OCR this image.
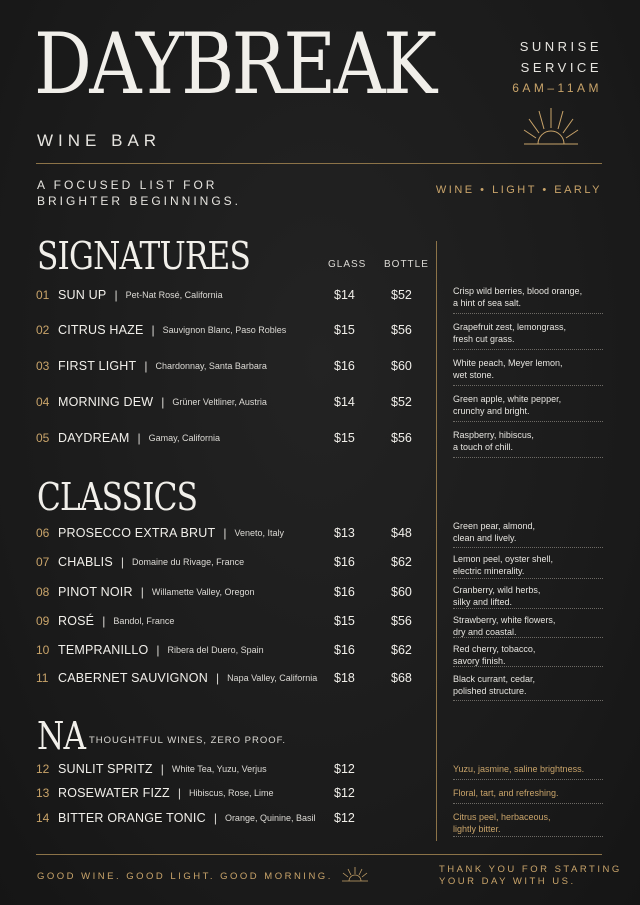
DAYBREAK
WINE BAR
SUNRISE
SERVICE
6AM–11AM
A FOCUSED LIST FOR
BRIGHTER BEGINNINGS.
WINE • LIGHT • EARLY
SIGNATURES	GLASS BOTTLE
01 SUN UP | Pet-Nat Rosé, California	$14	$52	Crisp wild berries, blood orange,
a hint of sea salt.
02 CITRUS HAZE | Sauvignon Blanc, Paso Robles	$15	$56	Grapefruit zest, lemongrass,
fresh cut grass.
03 FIRST LIGHT | Chardonnay, Santa Barbara	$16	$60	White peach, Meyer lemon,
wet stone.
04 MORNING DEW | Grüner Veltliner, Austria	$14	$52	Green apple, white pepper,
crunchy and bright.
05 DAYDREAM | Gamay, California	$15	$56	Raspberry, hibiscus,
a touch of chill.
06 PROSECCO EXTRA BRUT | Veneto, Italy	$13	$48	Green pear, almond,
clean and lively.
07 CHABLIS | Domaine du Rivage, France	$16	$62	Lemon peel, oyster shell,
electric minerality.
08 PINOT NOIR | Willamette Valley, Oregon	$16	$60	Cranberry, wild herbs,
silky and lifted.
09 ROSÉ | Bandol, France	$15	$56	Strawberry, white flowers,
dry and coastal.
10 TEMPRANILLO | Ribera del Duero, Spain	$16	$62	Red cherry, tobacco,
savory finish.
11 CABERNET SAUVIGNON | Napa Valley, California $18	$68	Black currant, cedar,
polished structure.
CLASSICS
NA THOUGHTFUL WINES, ZERO PROOF.
12 SUNLIT SPRITZ | White Tea, Yuzu, Verjus	$12	Yuzu, jasmine, saline brightness.
13 ROSEWATER FIZZ | Hibiscus, Rose, Lime	$12	Floral, tart, and refreshing.
14 BITTER ORANGE TONIC | Orange, Quinine, Basil $12	Citrus peel, herbaceous,
lightly bitter.
GOOD WINE. GOOD LIGHT. GOOD MORNING.
THANK YOU FOR STARTING
YOUR DAY WITH US.
